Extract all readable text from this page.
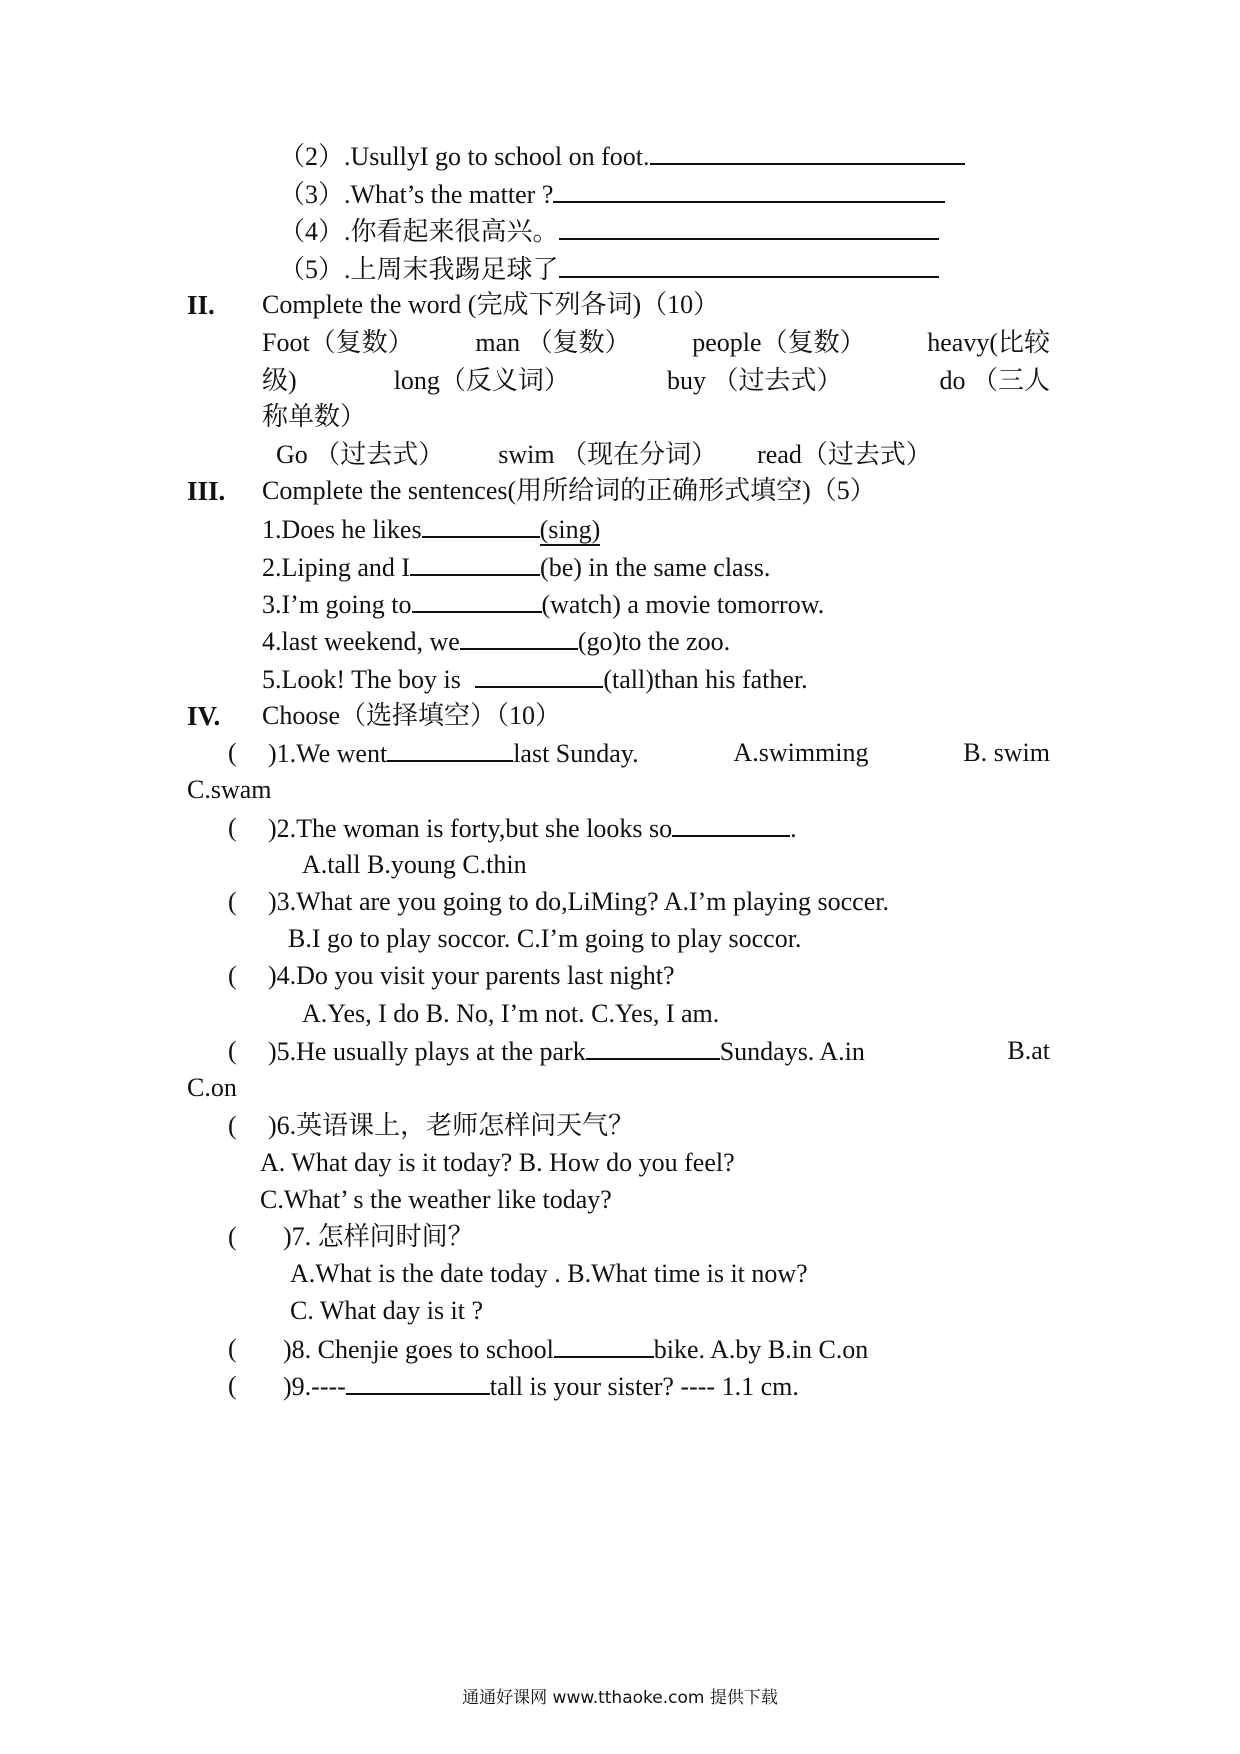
（2）.UsullyI go to school on foot.
（3）.What’s the matter ?
（4）.你看起来很高兴。
（5）.上周末我踢足球了
II. Complete the word (完成下列各词)（10）
Foot（复数） man （复数） people（复数） heavy(比较
级)	long（反义词）	buy （过去式）	do （三人
称单数）
Go （过去式） swim （现在分词） read（过去式）
III. Complete the sentences(用所给词的正确形式填空)（5）
1.Does he likes	(sing)
2.Liping and I	(be) in the same class.
3.I’m going to	(watch) a movie tomorrow.
4.last weekend, we	(go)to the zoo.
5.Look! The boy is	(tall)than his father.
IV. Choose（选择填空）（10）
( )1.We went	last Sunday.	A.swimming	B. swim
C.swam
( )2.The woman is forty,but she looks so	.
A.tall B.young C.thin
( )3.What are you going to do,LiMing? A.I’m playing soccer.
B.I go to play soccor. C.I’m going to play soccor.
( )4.Do you visit your parents last night?
A.Yes, I do B. No, I’m not. C.Yes, I am.
( )5.He usually plays at the park	Sundays. A.in	B.at
C.on
( )6.英语课上，老师怎样问天气？
A. What day is it today? B. How do you feel?
C.What’ s the weather like today?
( )7. 怎样问时间？
A.What is the date today . B.What time is it now?
C. What day is it ?
( )8. Chenjie goes to school	bike. A.by B.in C.on
( )9.----	tall is your sister? ---- 1.1 cm.
通通好课网 www.tthaoke.com 提供下载
